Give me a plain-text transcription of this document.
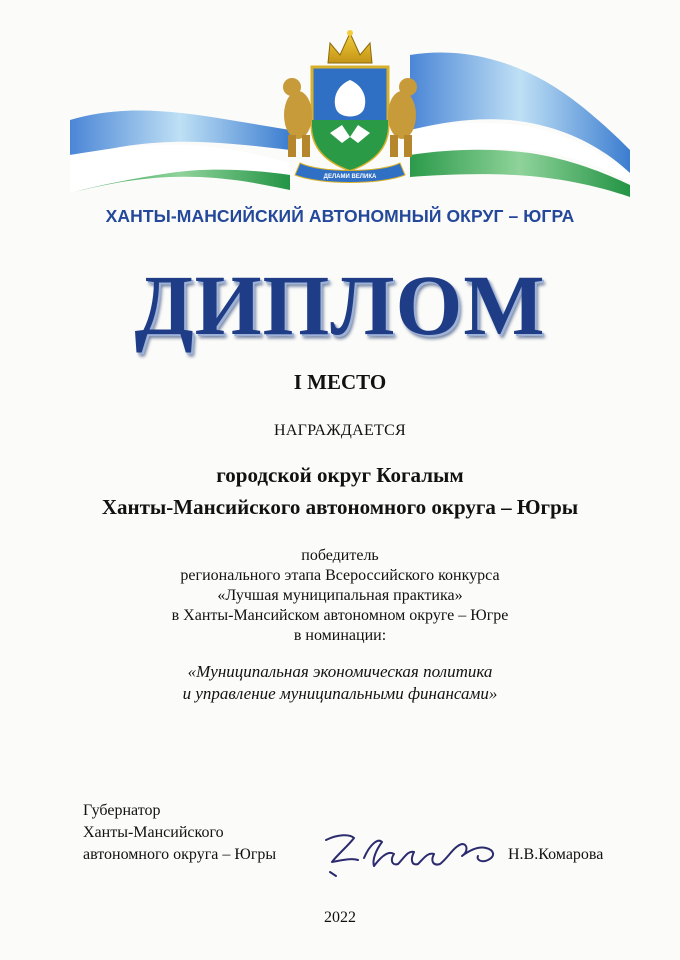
ДЕЛАМИ ВЕЛИКА
ХАНТЫ-МАНСИЙСКИЙ АВТОНОМНЫЙ ОКРУГ – ЮГРА
ДИПЛОМ
I МЕСТО
НАГРАЖДАЕТСЯ
городской округ Когалым
Ханты-Мансийского автономного округа – Югры
победитель
регионального этапа Всероссийского конкурса
«Лучшая муниципальная практика»
в Ханты-Мансийском автономном округе – Югре
в номинации:
«Муниципальная экономическая политика
и управление муниципальными финансами»
Губернатор
Ханты-Мансийского
автономного округа – Югры	Н.В.Комарова
2022
